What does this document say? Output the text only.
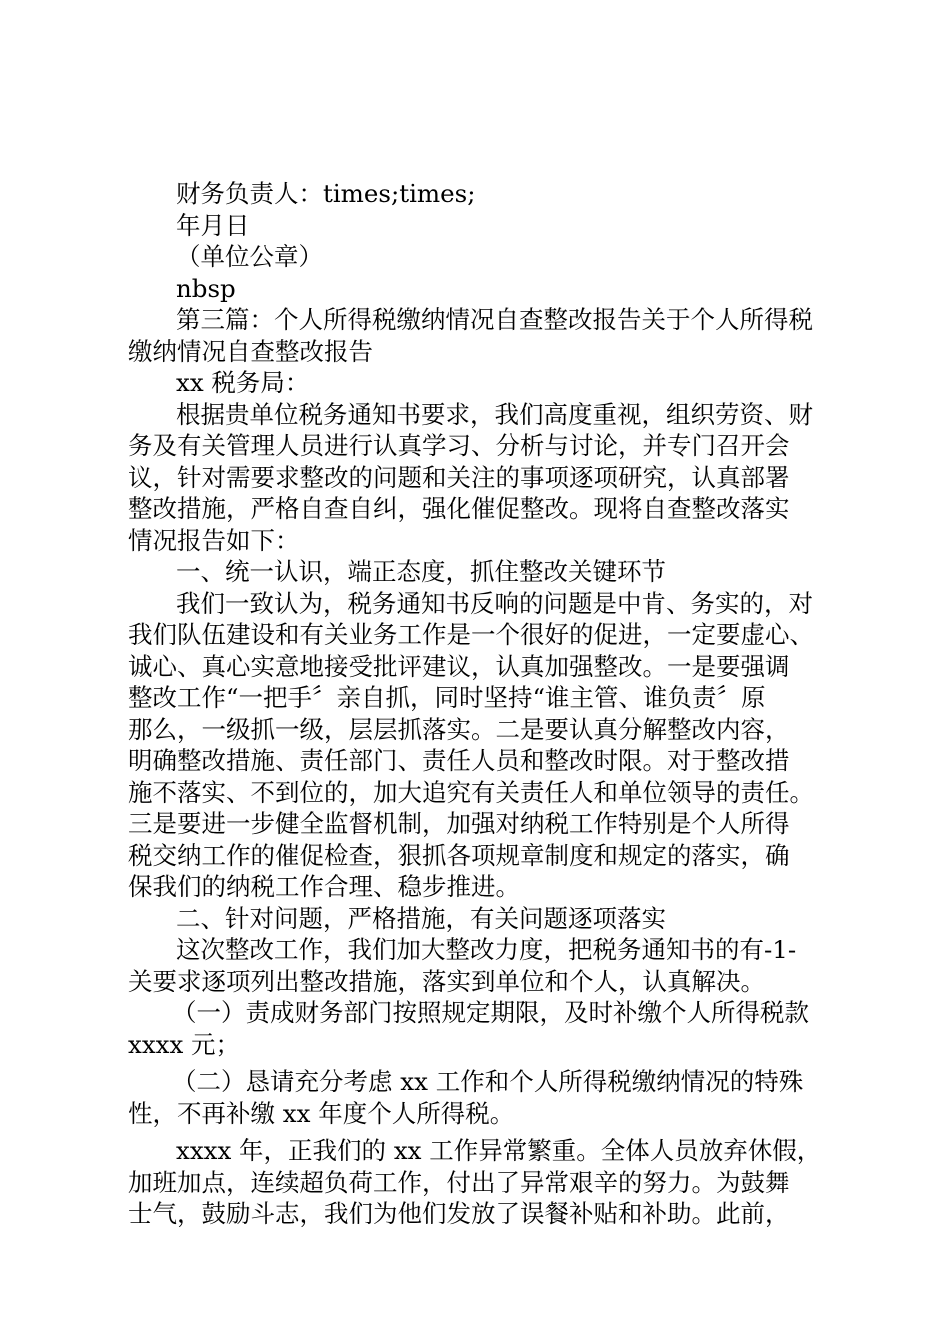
财务负责人：times;times;
年月日
（单位公章）
nbsp
第三篇：个人所得税缴纳情况自查整改报告关于个人所得税
缴纳情况自查整改报告
xx 税务局：
根据贵单位税务通知书要求，我们高度重视，组织劳资、财
务及有关管理人员进行认真学习、分析与讨论，并专门召开会
议，针对需要求整改的问题和关注的事项逐项研究，认真部署
整改措施，严格自查自纠，强化催促整改。现将自查整改落实
情况报告如下：
一、统一认识，端正态度，抓住整改关键环节
我们一致认为，税务通知书反响的问题是中肯、务实的，对
我们队伍建设和有关业务工作是一个很好的促进，一定要虚心、
诚心、真心实意地接受批评建议，认真加强整改。一是要强调
整改工作“一把手〞亲自抓，同时坚持“谁主管、谁负责〞原
那么，一级抓一级，层层抓落实。二是要认真分解整改内容，
明确整改措施、责任部门、责任人员和整改时限。对于整改措
施不落实、不到位的，加大追究有关责任人和单位领导的责任。
三是要进一步健全监督机制，加强对纳税工作特别是个人所得
税交纳工作的催促检查，狠抓各项规章制度和规定的落实，确
保我们的纳税工作合理、稳步推进。
二、针对问题，严格措施，有关问题逐项落实
这次整改工作，我们加大整改力度，把税务通知书的有-1-
关要求逐项列出整改措施，落实到单位和个人，认真解决。
（一）责成财务部门按照规定期限，及时补缴个人所得税款
xxxx 元；
（二）恳请充分考虑 xx 工作和个人所得税缴纳情况的特殊
性，不再补缴 xx 年度个人所得税。
xxxx 年，正我们的 xx 工作异常繁重。全体人员放弃休假，
加班加点，连续超负荷工作，付出了异常艰辛的努力。为鼓舞
士气，鼓励斗志，我们为他们发放了误餐补贴和补助。此前，
